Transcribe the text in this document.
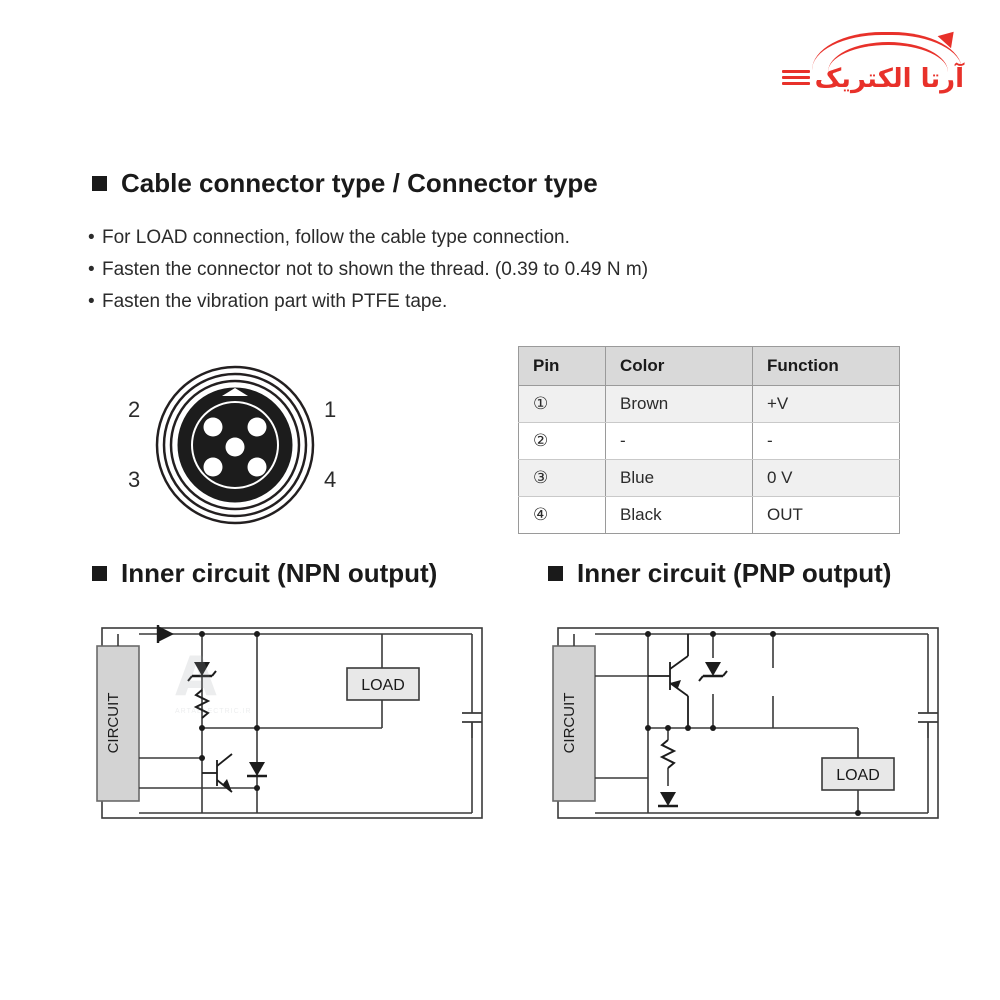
آرتا الکتریک
Cable connector type / Connector type
• For LOAD connection, follow the cable type connection.
• Fasten the connector not to shown the thread. (0.39 to 0.49 N m)
• Fasten the vibration part with PTFE tape.
1
2
3	4
Pin	Color	Function
①	Brown	+V
②	-	-
③	Blue	0 V
④	Black	OUT
Inner circuit (NPN output)	Inner circuit (PNP output)
CIRCUIT
LOAD
A
ARTAELECTRIC.IR	CIRCUIT
LOAD
